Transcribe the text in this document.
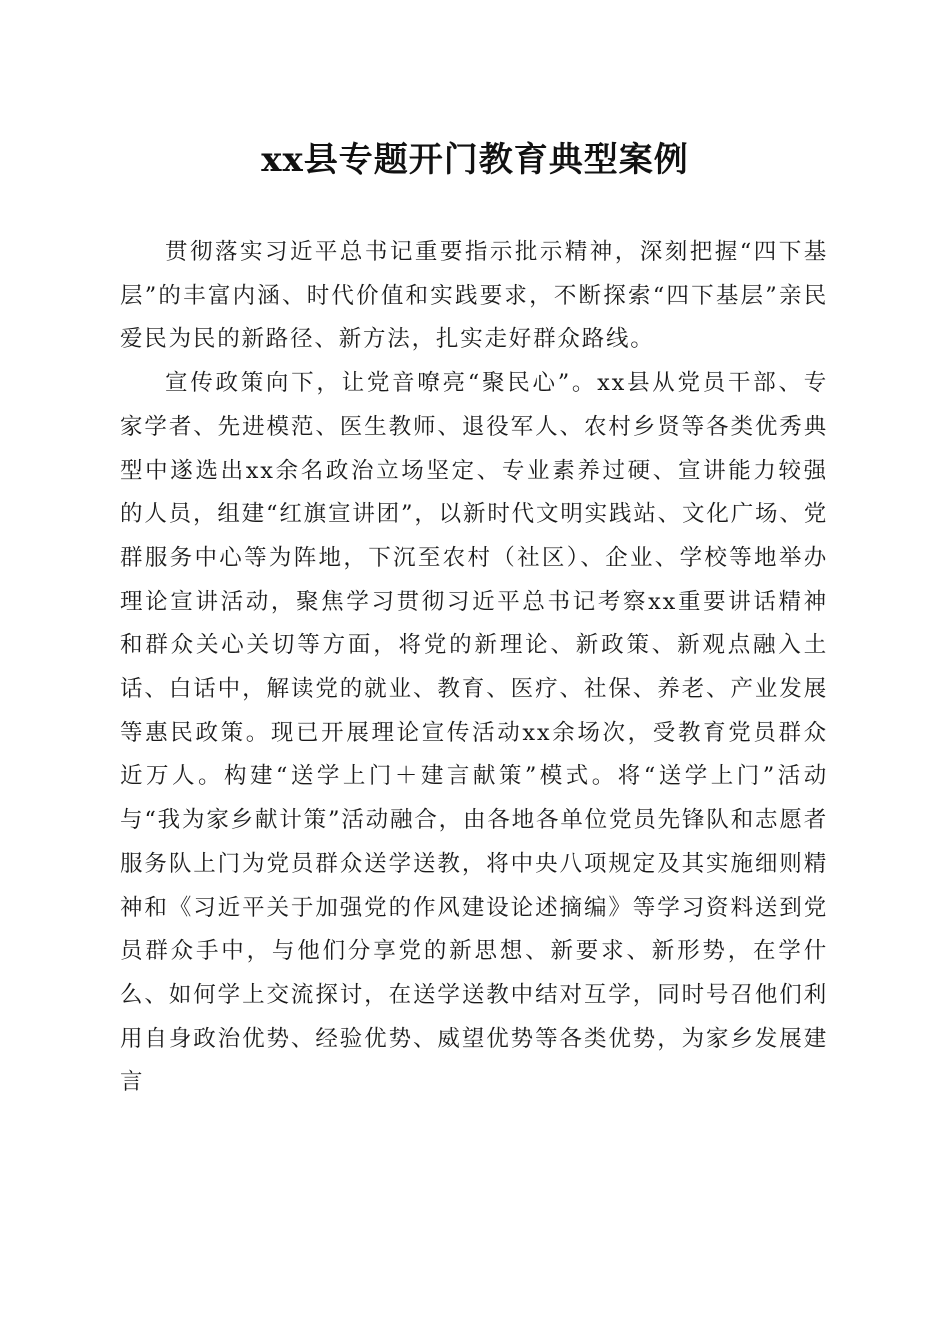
xx县专题开门教育典型案例

贯彻落实习近平总书记重要指示批示精神，深刻把握“四下基层”的丰富内涵、时代价值和实践要求，不断探索“四下基层”亲民爱民为民的新路径、新方法，扎实走好群众路线。

宣传政策向下，让党音嘹亮“聚民心”。xx县从党员干部、专家学者、先进模范、医生教师、退役军人、农村乡贤等各类优秀典型中遂选出xx余名政治立场坚定、专业素养过硬、宣讲能力较强的人员，组建“红旗宣讲团”，以新时代文明实践站、文化广场、党群服务中心等为阵地，下沉至农村（社区）、企业、学校等地举办理论宣讲活动，聚焦学习贯彻习近平总书记考察xx重要讲话精神和群众关心关切等方面，将党的新理论、新政策、新观点融入土话、白话中，解读党的就业、教育、医疗、社保、养老、产业发展等惠民政策。现已开展理论宣传活动xx余场次，受教育党员群众近万人。构建“送学上门＋建言献策”模式。将“送学上门”活动与“我为家乡献计策”活动融合，由各地各单位党员先锋队和志愿者服务队上门为党员群众送学送教，将中央八项规定及其实施细则精神和《习近平关于加强党的作风建设论述摘编》等学习资料送到党员群众手中，与他们分享党的新思想、新要求、新形势，在学什么、如何学上交流探讨，在送学送教中结对互学，同时号召他们利用自身政治优势、经验优势、威望优势等各类优势，为家乡发展建言
